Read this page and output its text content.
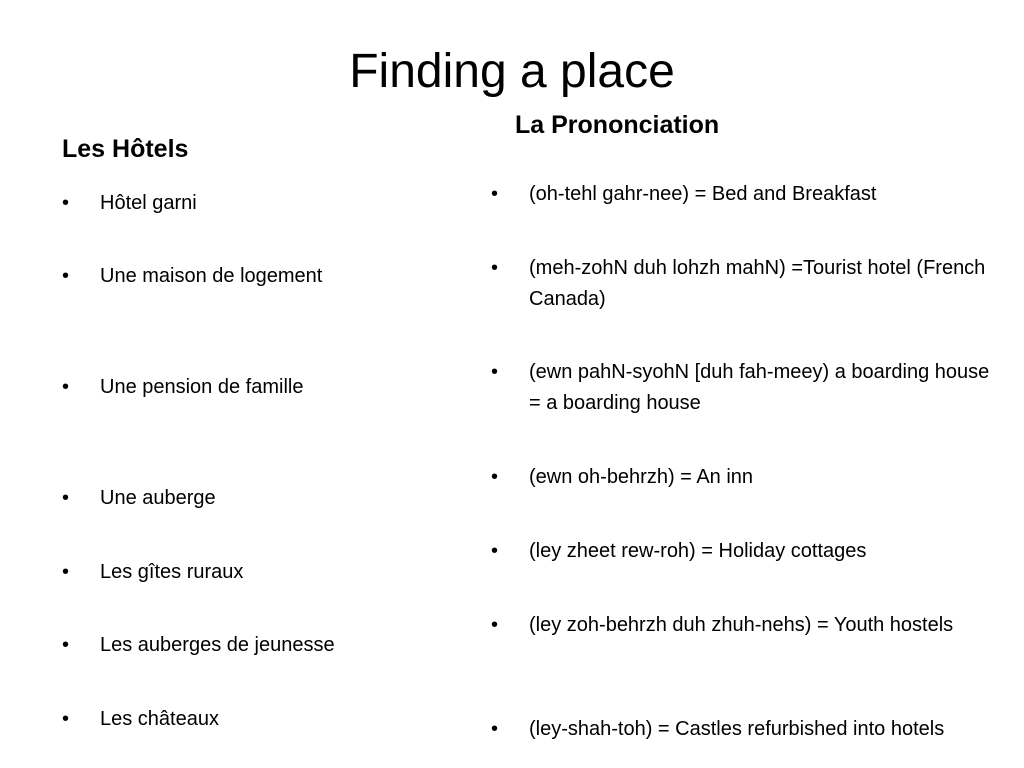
Finding a place
Les Hôtels
La Prononciation
• Hôtel garni
• Une maison de logement
• Une pension de famille
• Une auberge
• Les gîtes ruraux
• Les auberges de jeunesse
• Les châteaux
• (oh-tehl gahr-nee) = Bed and Breakfast
• (meh-zohN duh lohzh mahN) =Tourist hotel (French Canada)
• (ewn pahN-syohN [duh fah-meey) a boarding house = a boarding house
• (ewn oh-behrzh) = An inn
• (ley zheet rew-roh) = Holiday cottages
• (ley zoh-behrzh duh zhuh-nehs) = Youth hostels
• (ley-shah-toh) = Castles refurbished into hotels
